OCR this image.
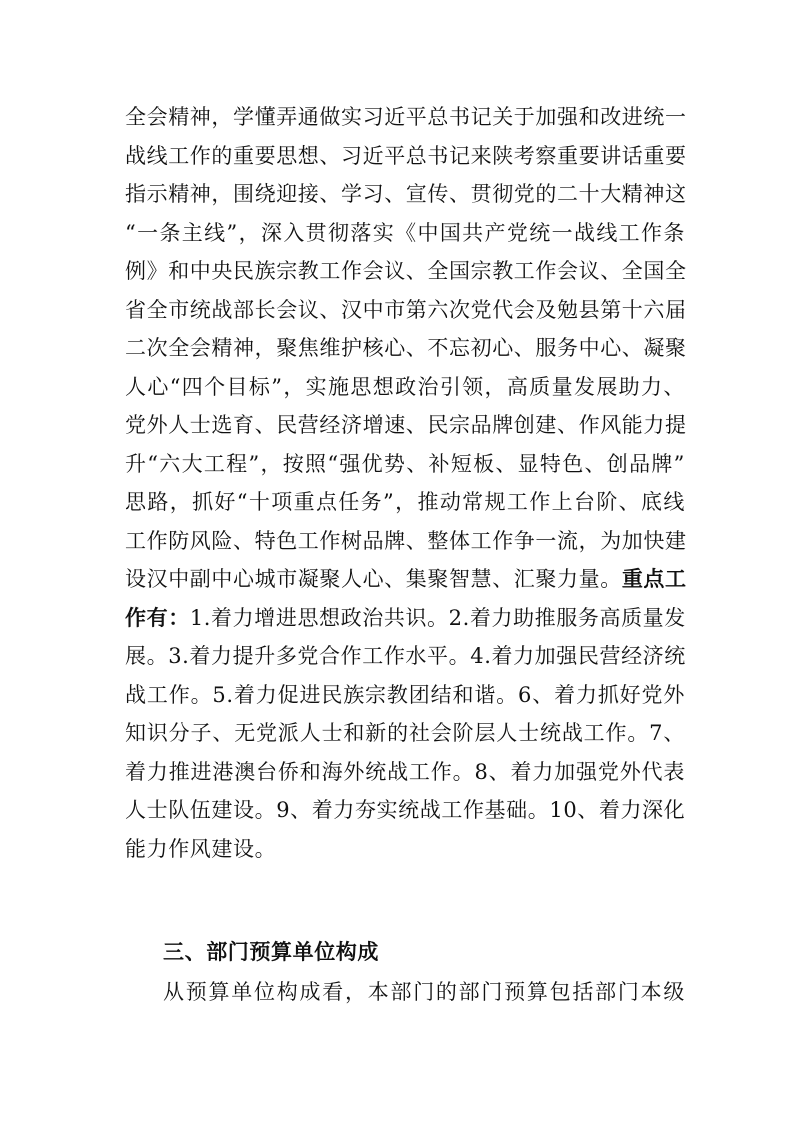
全会精神，学懂弄通做实习近平总书记关于加强和改进统一
战线工作的重要思想、习近平总书记来陕考察重要讲话重要
指示精神，围绕迎接、学习、宣传、贯彻党的二十大精神这
“一条主线”，深入贯彻落实《中国共产党统一战线工作条
例》和中央民族宗教工作会议、全国宗教工作会议、全国全
省全市统战部长会议、汉中市第六次党代会及勉县第十六届
二次全会精神，聚焦维护核心、不忘初心、服务中心、凝聚
人心“四个目标”，实施思想政治引领，高质量发展助力、
党外人士选育、民营经济增速、民宗品牌创建、作风能力提
升“六大工程”，按照“强优势、补短板、显特色、创品牌”
思路，抓好“十项重点任务”，推动常规工作上台阶、底线
工作防风险、特色工作树品牌、整体工作争一流，为加快建
设汉中副中心城市凝聚人心、集聚智慧、汇聚力量。重点工
作有：1.着力增进思想政治共识。2.着力助推服务高质量发
展。3.着力提升多党合作工作水平。4.着力加强民营经济统
战工作。5.着力促进民族宗教团结和谐。6、着力抓好党外
知识分子、无党派人士和新的社会阶层人士统战工作。7、
着力推进港澳台侨和海外统战工作。8、着力加强党外代表
人士队伍建设。9、着力夯实统战工作基础。10、着力深化
能力作风建设。
三、部门预算单位构成
从预算单位构成看，本部门的部门预算包括部门本级
